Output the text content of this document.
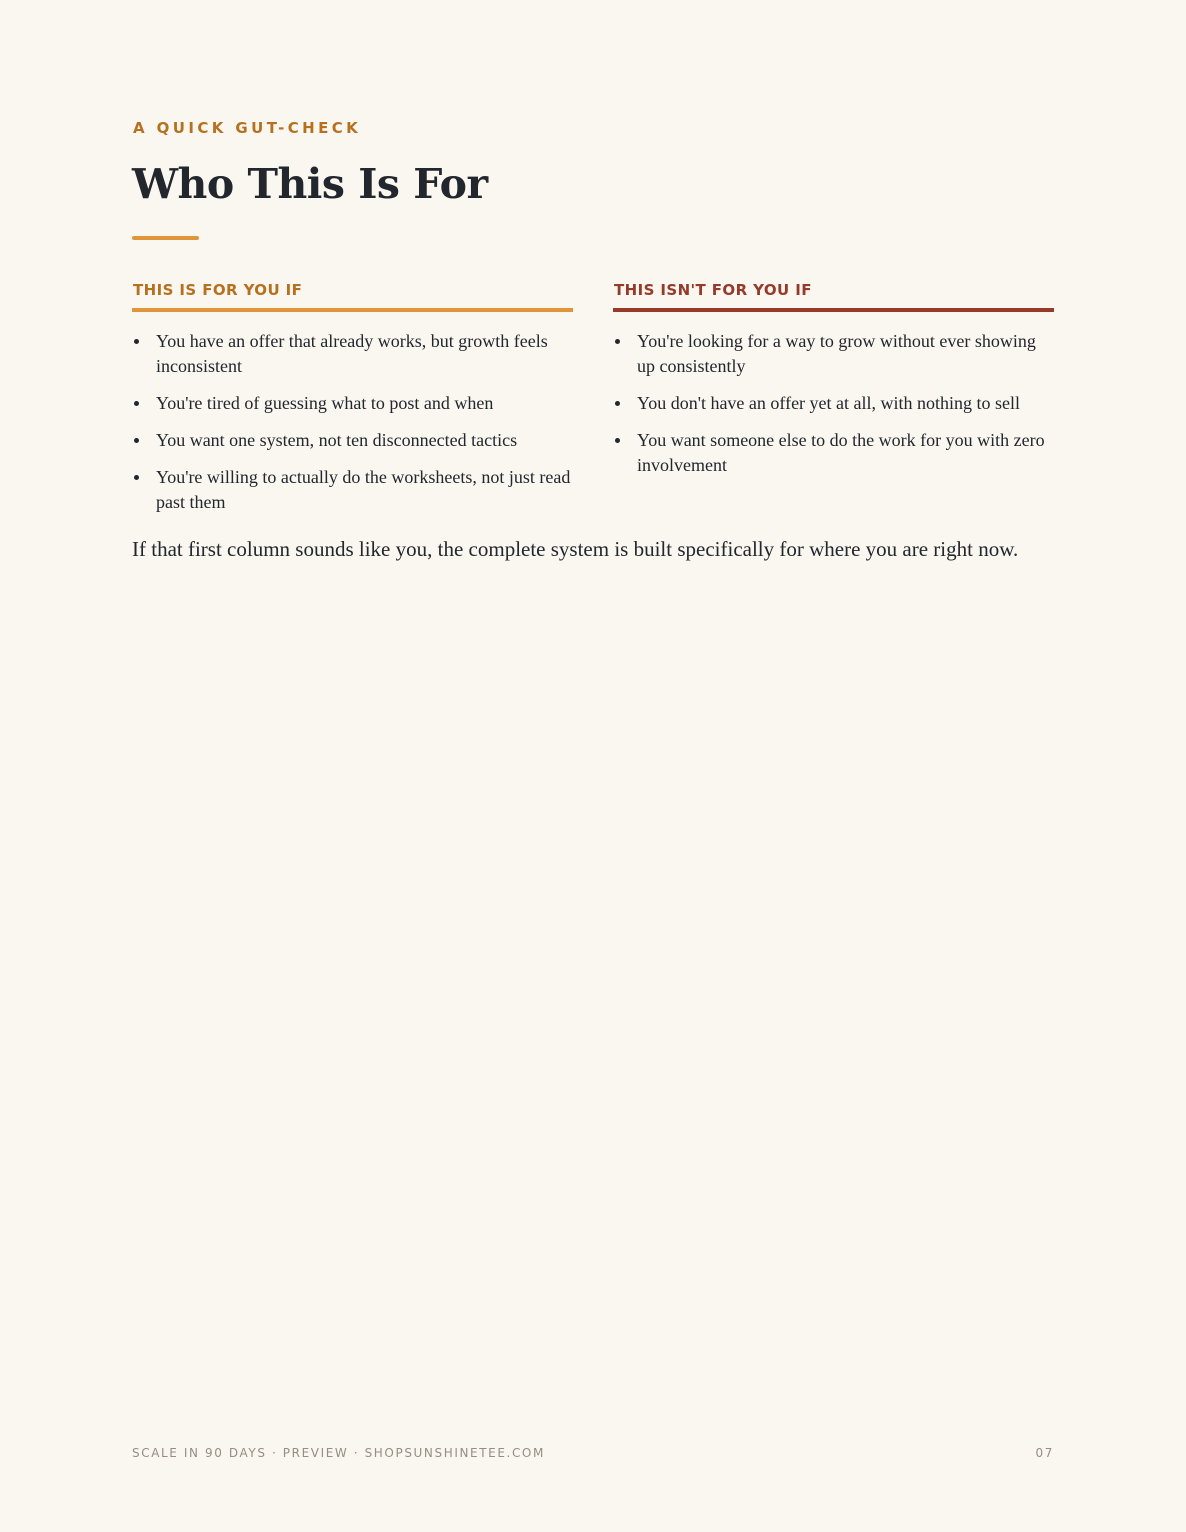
A QUICK GUT-CHECK
Who This Is For
THIS IS FOR YOU IF
You have an offer that already works, but growth feels inconsistent
You're tired of guessing what to post and when
You want one system, not ten disconnected tactics
You're willing to actually do the worksheets, not just read past them
THIS ISN'T FOR YOU IF
You're looking for a way to grow without ever showing up consistently
You don't have an offer yet at all, with nothing to sell
You want someone else to do the work for you with zero involvement

If that first column sounds like you, the complete system is built specifically for where you are right now.

SCALE IN 90 DAYS · PREVIEW · SHOPSUNSHINETEE.COM	07
